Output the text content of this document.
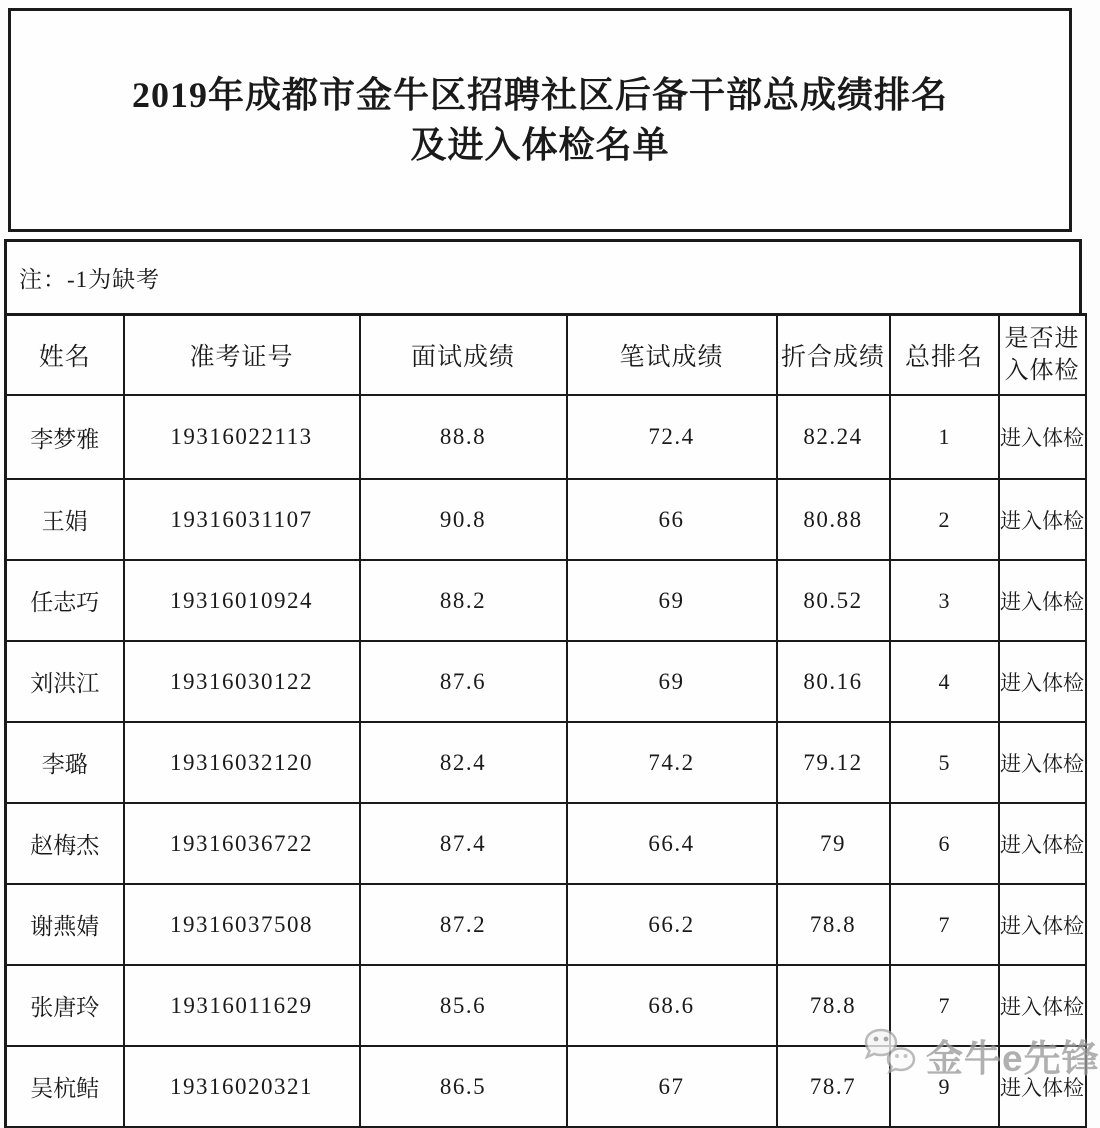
2019年成都市金牛区招聘社区后备干部总成绩排名
及进入体检名单
注：-1为缺考
姓名	准考证号	面试成绩	笔试成绩	折合成绩	总排名	是否进入体检
李梦雅	19316022113	88.8	72.4	82.24	1	进入体检
王娟	19316031107	90.8	66	80.88	2	进入体检
任志巧	19316010924	88.2	69	80.52	3	进入体检
刘洪江	19316030122	87.6	69	80.16	4	进入体检
李璐	19316032120	82.4	74.2	79.12	5	进入体检
赵梅杰	19316036722	87.4	66.4	79	6	进入体检
谢燕婧	19316037508	87.2	66.2	78.8	7	进入体检
张唐玲	19316011629	85.6	68.6	78.8	7	进入体检
吴杭鲒	19316020321	86.5	67	78.7	9	进入体检
金牛e先锋
